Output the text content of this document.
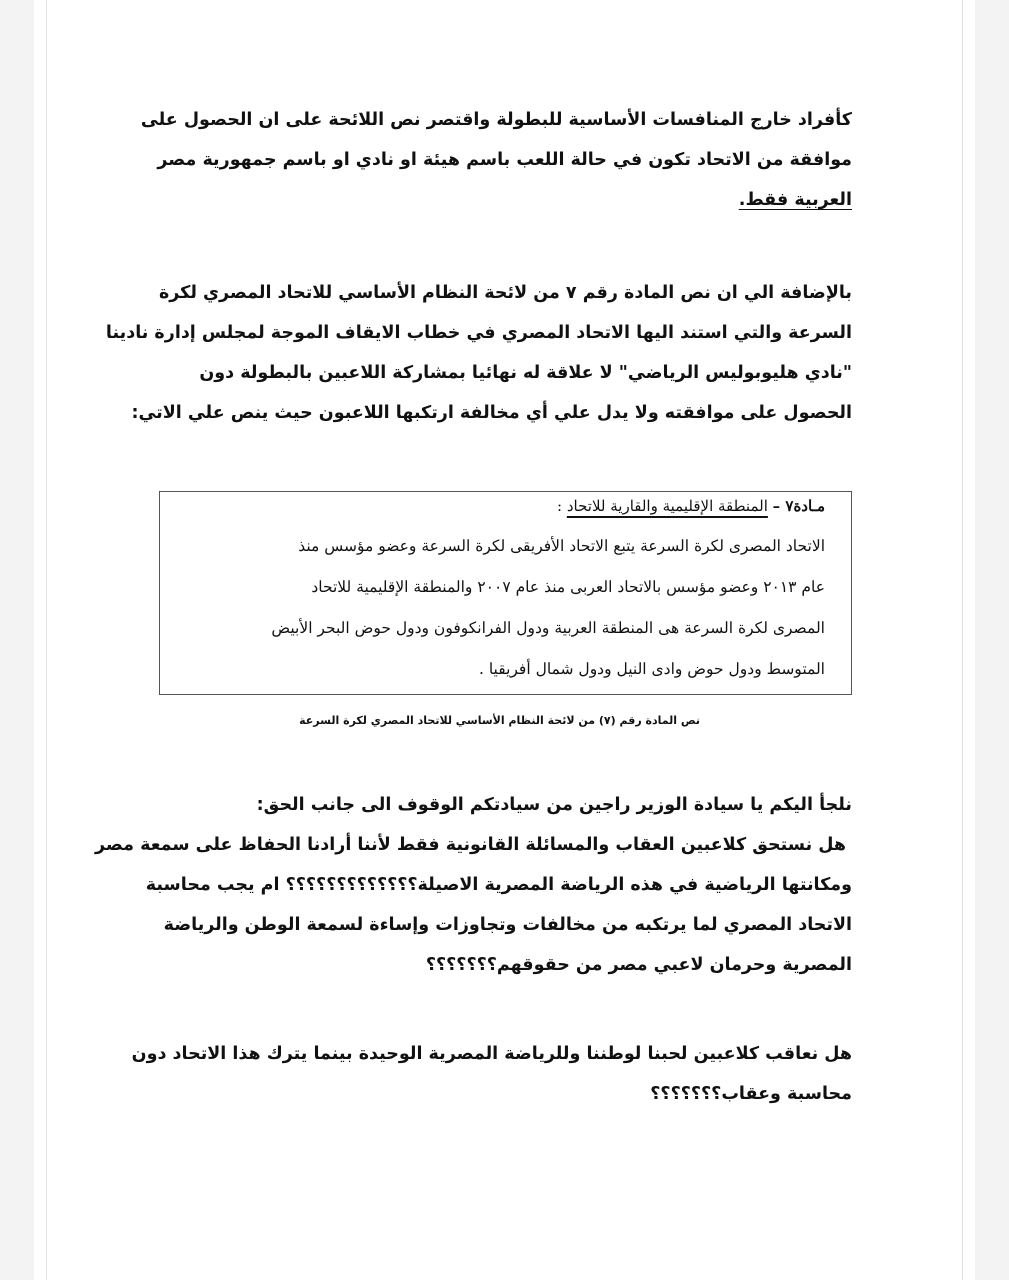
كأفراد خارج المنافسات الأساسية للبطولة واقتصر نص اللائحة على ان الحصول على
موافقة من الاتحاد تكون في حالة اللعب باسم هيئة او نادي او باسم جمهورية مصر
العربية فقط.
بالإضافة الي ان نص المادة رقم ٧ من لائحة النظام الأساسي للاتحاد المصري لكرة
السرعة والتي استند اليها الاتحاد المصري في خطاب الايقاف الموجة لمجلس إدارة نادينا
"نادي هليوبوليس الرياضي" لا علاقة له نهائيا بمشاركة اللاعبين بالبطولة دون
الحصول على موافقته ولا يدل علي أي مخالفة ارتكبها اللاعبون حيث ينص علي الاتي:
مـادة٧ – المنطقة الإقليمية والقارية للاتحاد :
الاتحاد المصرى لكرة السرعة يتبع الاتحاد الأفريقى لكرة السرعة وعضو مؤسس منذ
عام ٢٠١٣ وعضو مؤسس بالاتحاد العربى منذ عام ٢٠٠٧ والمنطقة الإقليمية للاتحاد
المصرى لكرة السرعة هى المنطقة العربية ودول الفرانكوفون ودول حوض البحر الأبيض
المتوسط ودول حوض وادى النيل ودول شمال أفريقيا .
نص المادة رقم (٧) من لائحة النظام الأساسي للاتحاد المصري لكرة السرعة
نلجأ اليكم يا سيادة الوزير راجين من سيادتكم الوقوف الى جانب الحق:
هل نستحق كلاعبين العقاب والمسائلة القانونية فقط لأننا أرادنا الحفاظ على سمعة مصر
ومكانتها الرياضية في هذه الرياضة المصرية الاصيلة؟؟؟؟؟؟؟؟؟؟؟؟؟ ام يجب محاسبة
الاتحاد المصري لما يرتكبه من مخالفات وتجاوزات وإساءة لسمعة الوطن والرياضة
المصرية وحرمان لاعبي مصر من حقوقهم؟؟؟؟؟؟؟
هل نعاقب كلاعبين لحبنا لوطننا وللرياضة المصرية الوحيدة بينما يترك هذا الاتحاد دون
محاسبة وعقاب؟؟؟؟؟؟؟
